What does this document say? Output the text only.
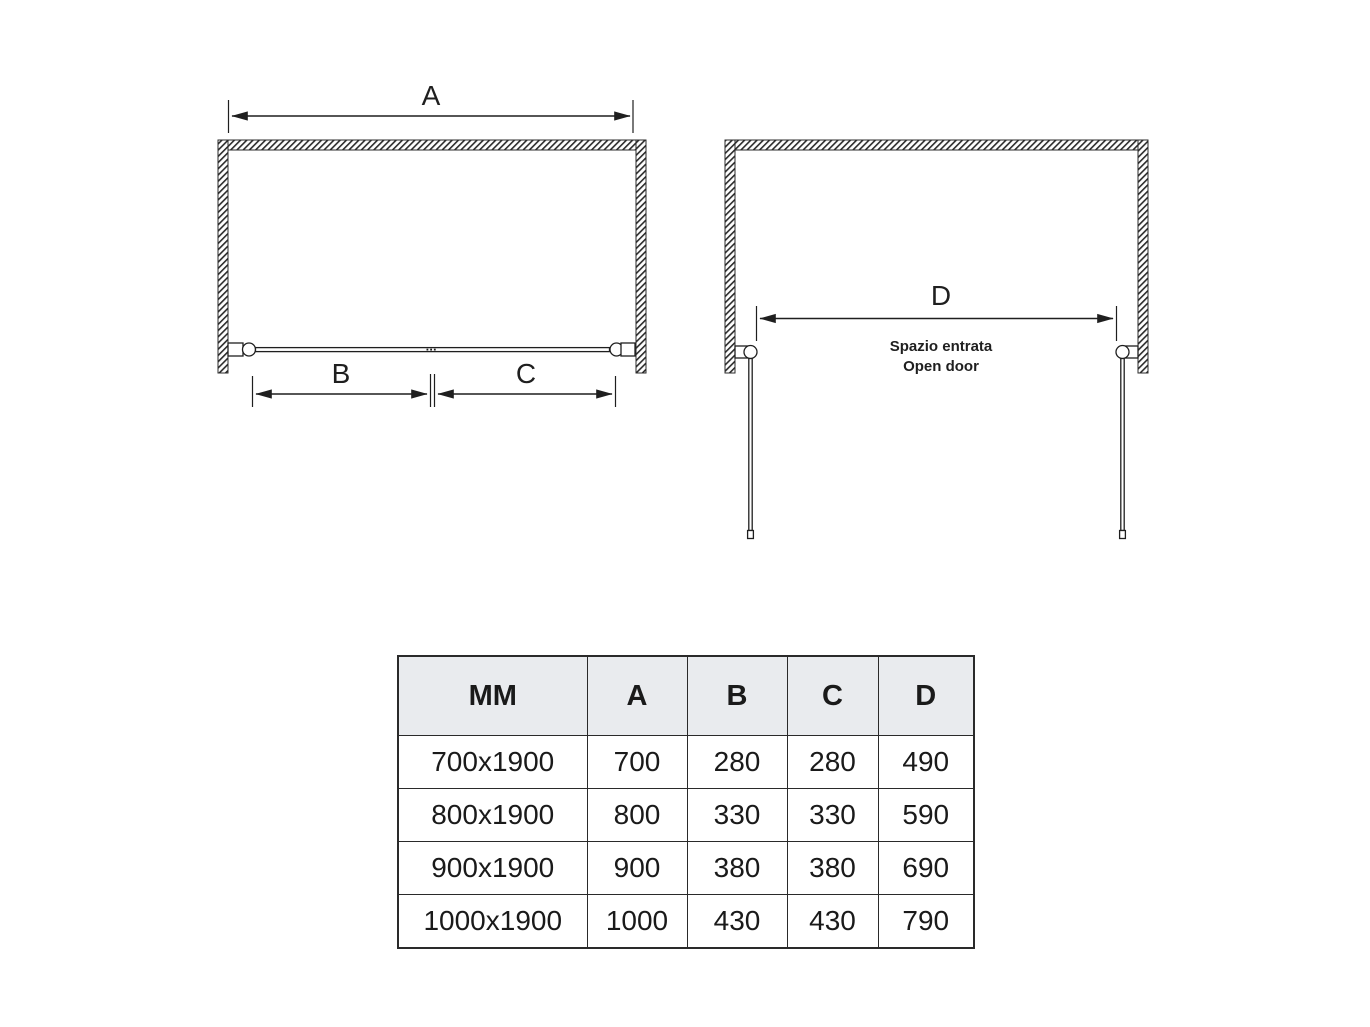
A
B	C
D
Spazio entrata
Open door
MM	A	B	C	D
700x1900	700	280	280	490
800x1900	800	330	330	590
900x1900	900	380	380	690
1000x1900	1000	430	430	790
